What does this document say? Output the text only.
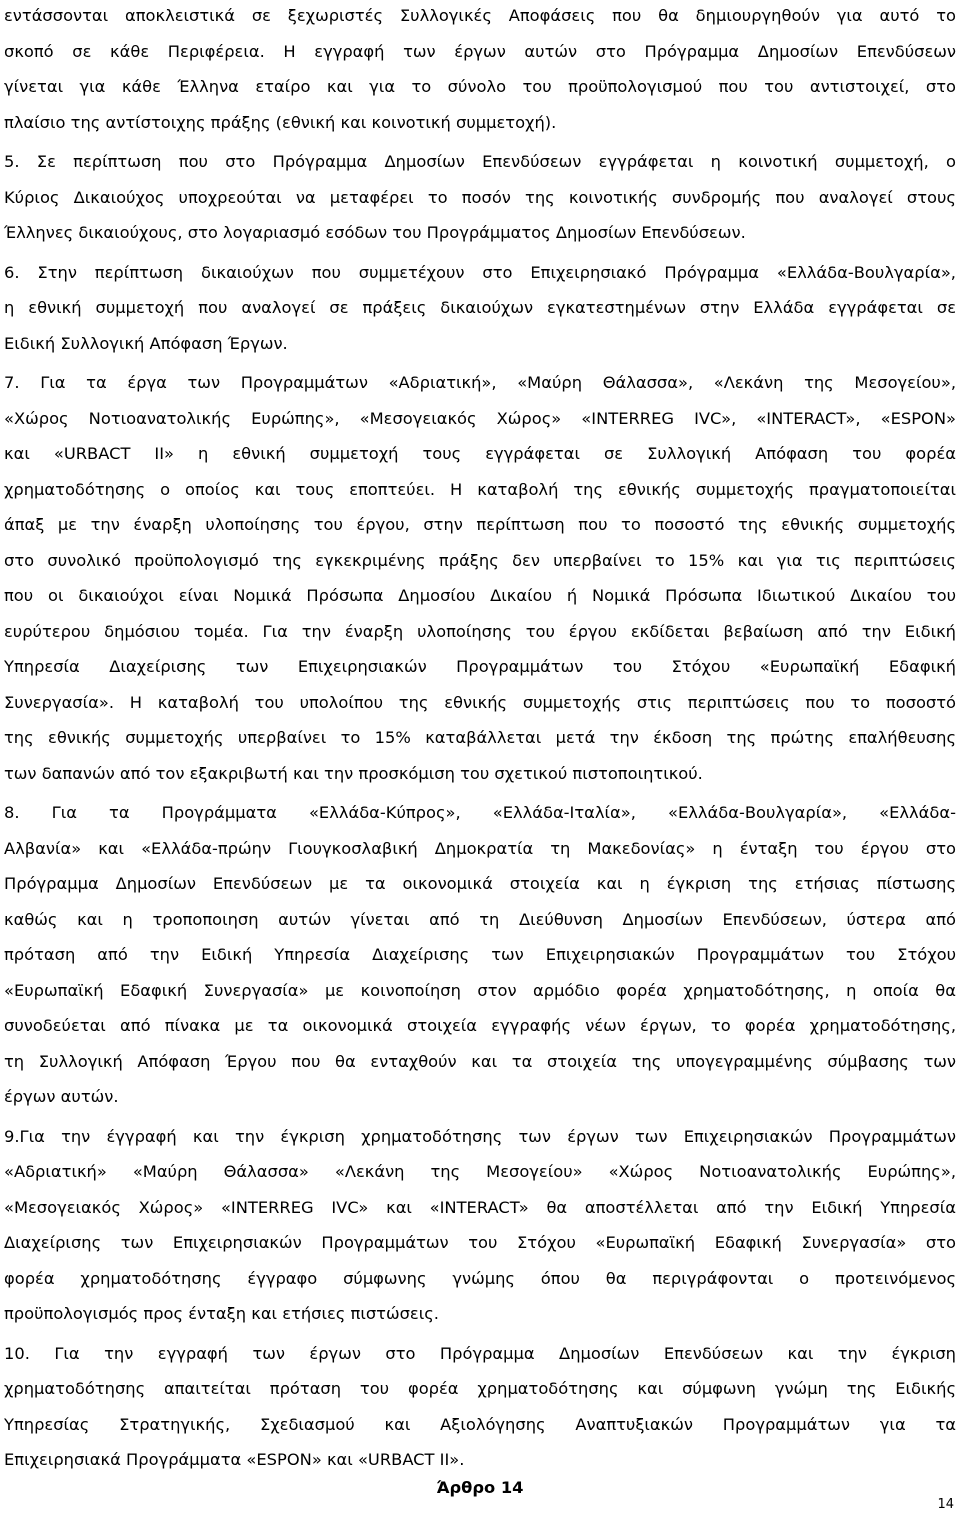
εντάσσονται αποκλειστικά σε ξεχωριστές Συλλογικές Αποφάσεις που θα δημιουργηθούν για αυτό το
σκοπό σε κάθε Περιφέρεια. Η εγγραφή των έργων αυτών στο Πρόγραμμα Δημοσίων Επενδύσεων
γίνεται για κάθε Έλληνα εταίρο και για το σύνολο του προϋπολογισμού που του αντιστοιχεί, στο
πλαίσιο της αντίστοιχης πράξης (εθνική και κοινοτική συμμετοχή).
5. Σε περίπτωση που στο Πρόγραμμα Δημοσίων Επενδύσεων εγγράφεται η κοινοτική συμμετοχή, ο
Κύριος Δικαιούχος υποχρεούται να μεταφέρει το ποσόν της κοινοτικής συνδρομής που αναλογεί στους
Έλληνες δικαιούχους, στο λογαριασμό εσόδων του Προγράμματος Δημοσίων Επενδύσεων.
6. Στην περίπτωση δικαιούχων που συμμετέχουν στο Επιχειρησιακό Πρόγραμμα «Ελλάδα-Βουλγαρία»,
η εθνική συμμετοχή που αναλογεί σε πράξεις δικαιούχων εγκατεστημένων στην Ελλάδα εγγράφεται σε
Ειδική Συλλογική Απόφαση Έργων.
7. Για τα έργα των Προγραμμάτων «Αδριατική», «Μαύρη Θάλασσα», «Λεκάνη της Μεσογείου»,
«Χώρος Νοτιοανατολικής Ευρώπης», «Μεσογειακός Χώρος» «INTERREG IVC», «INTERACT», «ESPON»
και «URBACT II» η εθνική συμμετοχή τους εγγράφεται σε Συλλογική Απόφαση του φορέα
χρηματοδότησης ο οποίος και τους εποπτεύει. Η καταβολή της εθνικής συμμετοχής πραγματοποιείται
άπαξ με την έναρξη υλοποίησης του έργου, στην περίπτωση που το ποσοστό της εθνικής συμμετοχής
στο συνολικό προϋπολογισμό της εγκεκριμένης πράξης δεν υπερβαίνει το 15% και για τις περιπτώσεις
που οι δικαιούχοι είναι Νομικά Πρόσωπα Δημοσίου Δικαίου ή Νομικά Πρόσωπα Ιδιωτικού Δικαίου του
ευρύτερου δημόσιου τομέα. Για την έναρξη υλοποίησης του έργου εκδίδεται βεβαίωση από την Ειδική
Υπηρεσία Διαχείρισης των Επιχειρησιακών Προγραμμάτων του Στόχου «Ευρωπαϊκή Εδαφική
Συνεργασία». Η καταβολή του υπολοίπου της εθνικής συμμετοχής στις περιπτώσεις που το ποσοστό
της εθνικής συμμετοχής υπερβαίνει το 15% καταβάλλεται μετά την έκδοση της πρώτης επαλήθευσης
των δαπανών από τον εξακριβωτή και την προσκόμιση του σχετικού πιστοποιητικού.
8. Για τα Προγράμματα «Ελλάδα-Κύπρος», «Ελλάδα-Ιταλία», «Ελλάδα-Βουλγαρία», «Ελλάδα-
Αλβανία» και «Ελλάδα-πρώην Γιουγκοσλαβική Δημοκρατία τη Μακεδονίας» η ένταξη του έργου στο
Πρόγραμμα Δημοσίων Επενδύσεων με τα οικονομικά στοιχεία και η έγκριση της ετήσιας πίστωσης
καθώς και η τροποποιηση αυτών γίνεται από τη Διεύθυνση Δημοσίων Επενδύσεων, ύστερα από
πρόταση από την Ειδική Υπηρεσία Διαχείρισης των Επιχειρησιακών Προγραμμάτων του Στόχου
«Ευρωπαϊκή Εδαφική Συνεργασία» με κοινοποίηση στον αρμόδιο φορέα χρηματοδότησης, η οποία θα
συνοδεύεται από πίνακα με τα οικονομικά στοιχεία εγγραφής νέων έργων, το φορέα χρηματοδότησης,
τη Συλλογική Απόφαση Έργου που θα ενταχθούν και τα στοιχεία της υπογεγραμμένης σύμβασης των
έργων αυτών.
9.Για την έγγραφή και την έγκριση χρηματοδότησης των έργων των Επιχειρησιακών Προγραμμάτων
«Αδριατική» «Μαύρη Θάλασσα» «Λεκάνη της Μεσογείου» «Χώρος Νοτιοανατολικής Ευρώπης»,
«Μεσογειακός Χώρος» «INTERREG IVC» και «INTERACT» θα αποστέλλεται από την Ειδική Υπηρεσία
Διαχείρισης των Επιχειρησιακών Προγραμμάτων του Στόχου «Ευρωπαϊκή Εδαφική Συνεργασία» στο
φορέα χρηματοδότησης έγγραφο σύμφωνης γνώμης όπου θα περιγράφονται ο προτεινόμενος
προϋπολογισμός προς ένταξη και ετήσιες πιστώσεις.
10. Για την εγγραφή των έργων στο Πρόγραμμα Δημοσίων Επενδύσεων και την έγκριση
χρηματοδότησης απαιτείται πρόταση του φορέα χρηματοδότησης και σύμφωνη γνώμη της Ειδικής
Υπηρεσίας Στρατηγικής, Σχεδιασμού και Αξιολόγησης Αναπτυξιακών Προγραμμάτων για τα
Επιχειρησιακά Προγράμματα «ESPON» και «URBACT II».
Άρθρο 14
14
